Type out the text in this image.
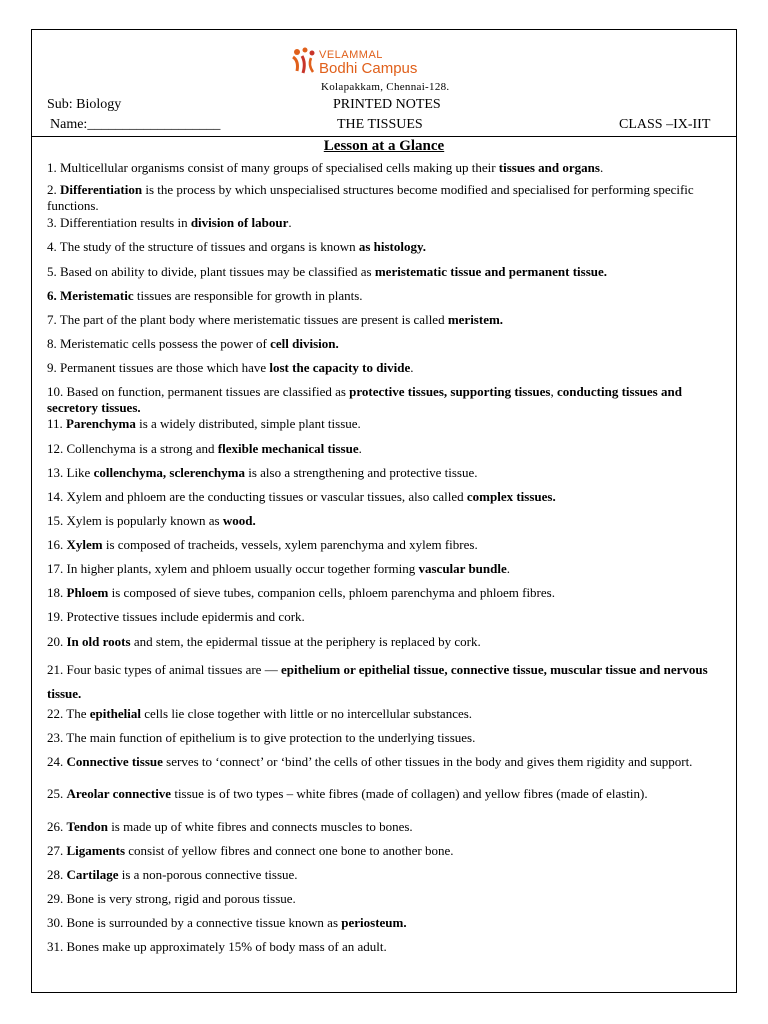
VELAMMAL
Bodhi Campus
Kolapakkam, Chennai-128.
Sub: Biology
Name:___________________
PRINTED NOTES
THE TISSUES	CLASS –IX-IIT
Lesson at a Glance
1. Multicellular organisms consist of many groups of specialised cells making up their tissues and organs.
2. Differentiation is the process by which unspecialised structures become modified and specialised for performing specific functions.
3. Differentiation results in division of labour.
4. The study of the structure of tissues and organs is known as histology.
5. Based on ability to divide, plant tissues may be classified as meristematic tissue and permanent tissue.
6. Meristematic tissues are responsible for growth in plants.
7. The part of the plant body where meristematic tissues are present is called meristem.
8. Meristematic cells possess the power of cell division.
9. Permanent tissues are those which have lost the capacity to divide.
10. Based on function, permanent tissues are classified as protective tissues, supporting tissues, conducting tissues and secretory tissues.
11. Parenchyma is a widely distributed, simple plant tissue.
12. Collenchyma is a strong and flexible mechanical tissue.
13. Like collenchyma, sclerenchyma is also a strengthening and protective tissue.
14. Xylem and phloem are the conducting tissues or vascular tissues, also called complex tissues.
15. Xylem is popularly known as wood.
16. Xylem is composed of tracheids, vessels, xylem parenchyma and xylem fibres.
17. In higher plants, xylem and phloem usually occur together forming vascular bundle.
18. Phloem is composed of sieve tubes, companion cells, phloem parenchyma and phloem fibres.
19. Protective tissues include epidermis and cork.
20. In old roots and stem, the epidermal tissue at the periphery is replaced by cork.
21. Four basic types of animal tissues are — epithelium or epithelial tissue, connective tissue, muscular tissue and nervous tissue.
22. The epithelial cells lie close together with little or no intercellular substances.
23. The main function of epithelium is to give protection to the underlying tissues.
24. Connective tissue serves to ‘connect’ or ‘bind’ the cells of other tissues in the body and gives them rigidity and support.
25. Areolar connective tissue is of two types – white fibres (made of collagen) and yellow fibres (made of elastin).
26. Tendon is made up of white fibres and connects muscles to bones.
27. Ligaments consist of yellow fibres and connect one bone to another bone.
28. Cartilage is a non-porous connective tissue.
29. Bone is very strong, rigid and porous tissue.
30. Bone is surrounded by a connective tissue known as periosteum.
31. Bones make up approximately 15% of body mass of an adult.
